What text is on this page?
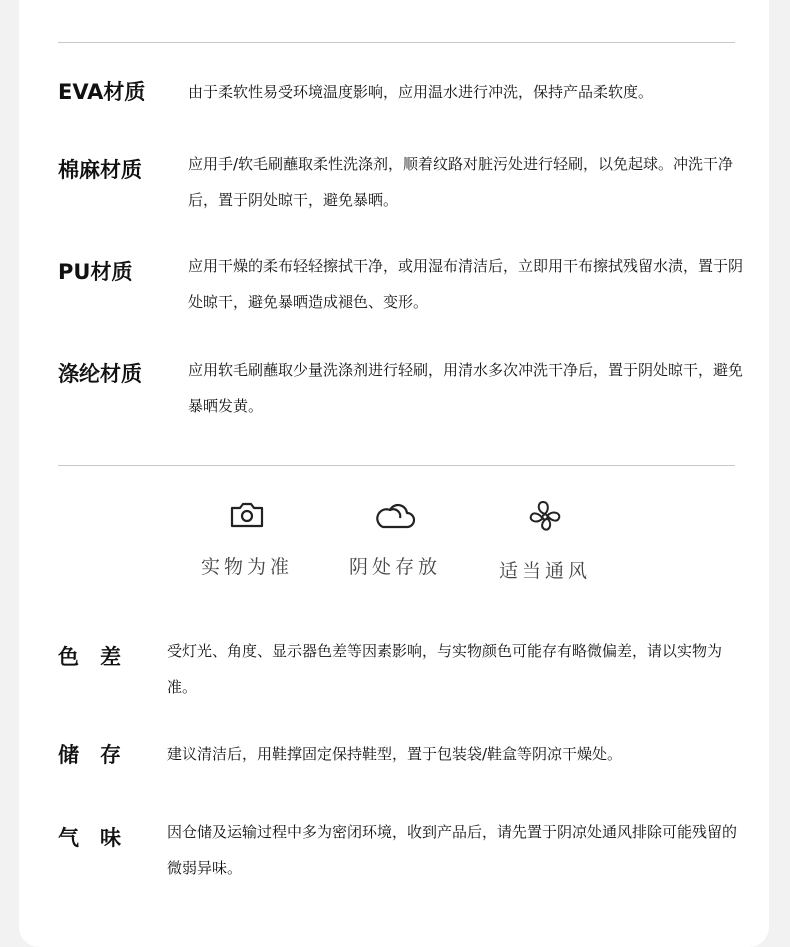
EVA材质	由于柔软性易受环境温度影响，应用温水进行冲洗，保持产品柔软度。
棉麻材质	应用手/软毛刷蘸取柔性洗涤剂，顺着纹路对脏污处进行轻刷，以免起球。冲洗干净后，置于阴处晾干，避免暴晒。
PU材质	应用干燥的柔布轻轻擦拭干净，或用湿布清洁后，立即用干布擦拭残留水渍，置于阴处晾干，避免暴晒造成褪色、变形。
涤纶材质	应用软毛刷蘸取少量洗涤剂进行轻刷，用清水多次冲洗干净后，置于阴处晾干，避免暴晒发黄。
实物为准	阴处存放	适当通风
色　差	受灯光、角度、显示器色差等因素影响，与实物颜色可能存有略微偏差，请以实物为准。
储　存	建议清洁后，用鞋撑固定保持鞋型，置于包装袋/鞋盒等阴凉干燥处。
气　味	因仓储及运输过程中多为密闭环境，收到产品后，请先置于阴凉处通风排除可能残留的微弱异味。
